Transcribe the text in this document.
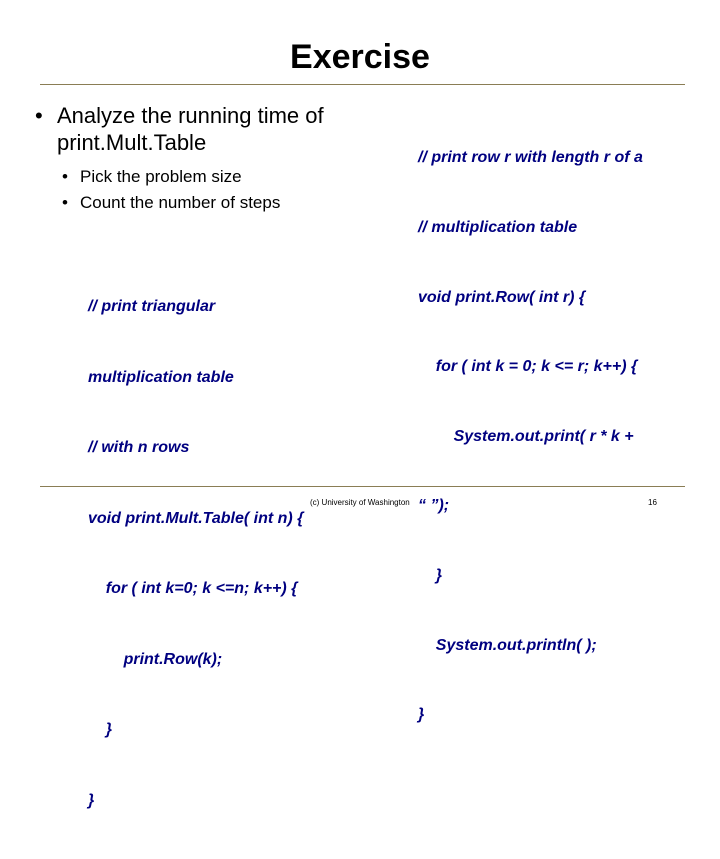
Exercise
• Analyze the running time of print.Mult.Table
• Pick the problem size
• Count the number of steps

// print triangular

multiplication table

// with n rows

void print.Mult.Table( int n) {

for ( int k=0; k <=n; k++) {

print.Row(k);

}

}

// print row r with length r of a

// multiplication table

void print.Row( int r) {

for ( int k = 0; k <= r; k++) {

System.out.print( r * k +

“ ”);

}

System.out.println( );

}

(c) University of Washington	16
